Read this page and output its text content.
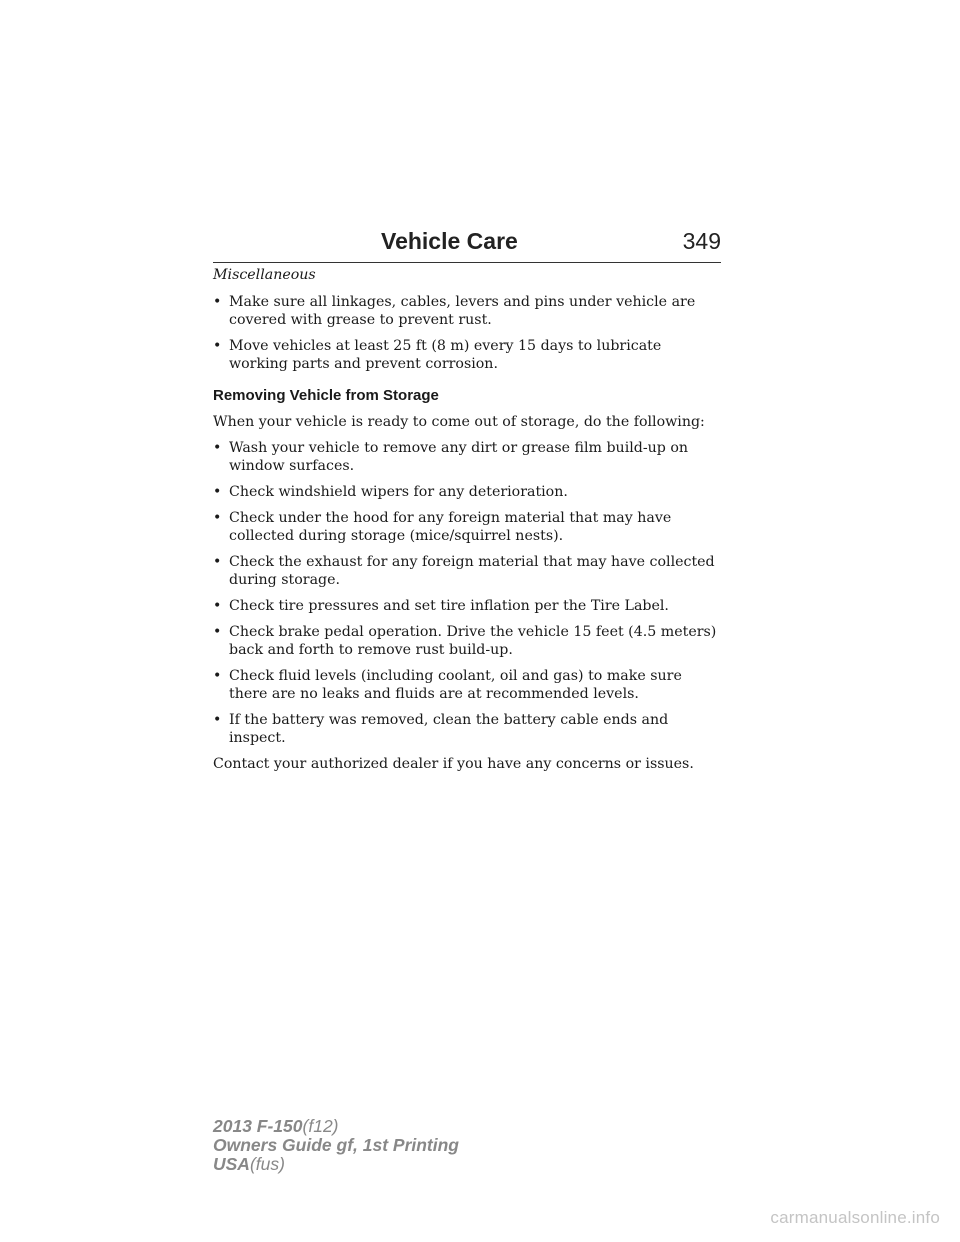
Vehicle Care	349

Miscellaneous

• Make sure all linkages, cables, levers and pins under vehicle are covered with grease to prevent rust.
• Move vehicles at least 25 ft (8 m) every 15 days to lubricate working parts and prevent corrosion.
Removing Vehicle from Storage

When your vehicle is ready to come out of storage, do the following:

• Wash your vehicle to remove any dirt or grease film build-up on window surfaces.
• Check windshield wipers for any deterioration.
• Check under the hood for any foreign material that may have collected during storage (mice/squirrel nests).
• Check the exhaust for any foreign material that may have collected during storage.
• Check tire pressures and set tire inflation per the Tire Label.
• Check brake pedal operation. Drive the vehicle 15 feet (4.5 meters) back and forth to remove rust build-up.
• Check fluid levels (including coolant, oil and gas) to make sure there are no leaks and fluids are at recommended levels.
• If the battery was removed, clean the battery cable ends and inspect.

Contact your authorized dealer if you have any concerns or issues.

2013 F-150(f12)
Owners Guide gf, 1st Printing
USA(fus)
carmanualsonline.info
